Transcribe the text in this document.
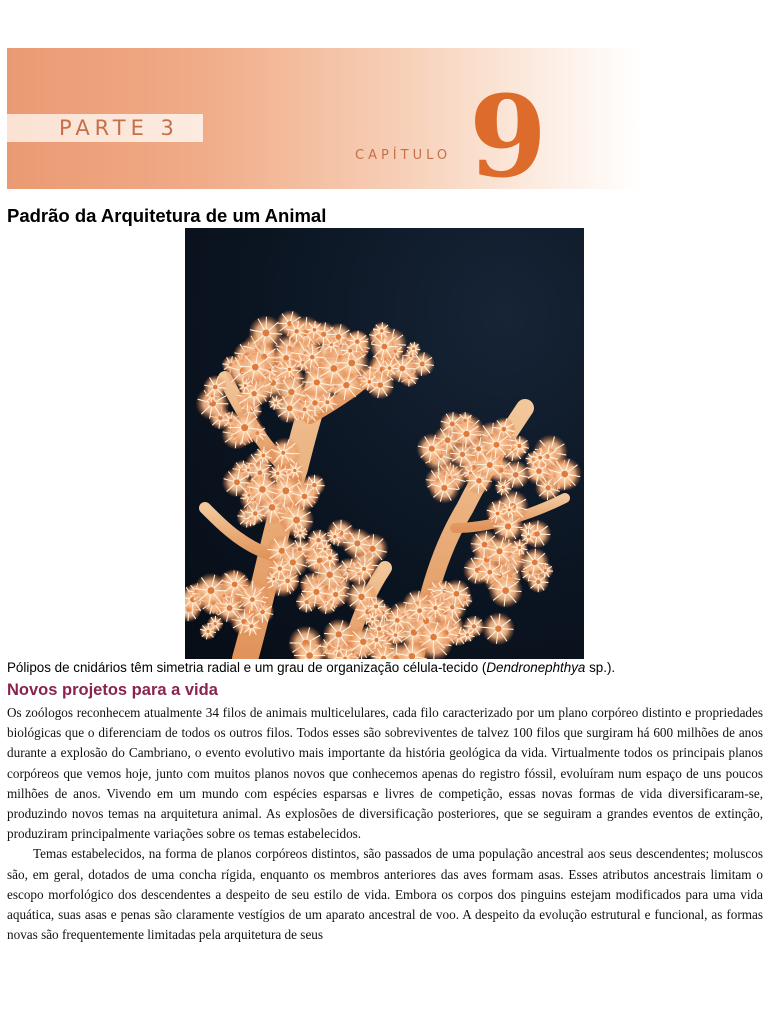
PARTE 3
CAPÍTULO 9
Padrão da Arquitetura de um Animal

Pólipos de cnidários têm simetria radial e um grau de organização célula-tecido (Dendronephthya sp.).

Novos projetos para a vida

Os zoólogos reconhecem atualmente 34 filos de animais multicelulares, cada filo caracterizado por um plano corpóreo distinto e propriedades biológicas que o diferenciam de todos os outros filos. Todos esses são sobreviventes de talvez 100 filos que surgiram há 600 milhões de anos durante a explosão do Cambriano, o evento evolutivo mais importante da história geológica da vida. Virtualmente todos os principais planos corpóreos que vemos hoje, junto com muitos planos novos que conhecemos apenas do registro fóssil, evoluíram num espaço de uns poucos milhões de anos. Vivendo em um mundo com espécies esparsas e livres de competição, essas novas formas de vida diversificaram-se, produzindo novos temas na arquitetura animal. As explosões de diversificação posteriores, que se seguiram a grandes eventos de extinção, produziram principalmente variações sobre os temas estabelecidos.

Temas estabelecidos, na forma de planos corpóreos distintos, são passados de uma população ancestral aos seus descendentes; moluscos são, em geral, dotados de uma concha rígida, enquanto os membros anteriores das aves formam asas. Esses atributos ancestrais limitam o escopo morfológico dos descendentes a despeito de seu estilo de vida. Embora os corpos dos pinguins estejam modificados para uma vida aquática, suas asas e penas são claramente vestígios de um aparato ancestral de voo. A despeito da evolução estrutural e funcional, as formas novas são frequentemente limitadas pela arquitetura de seus
